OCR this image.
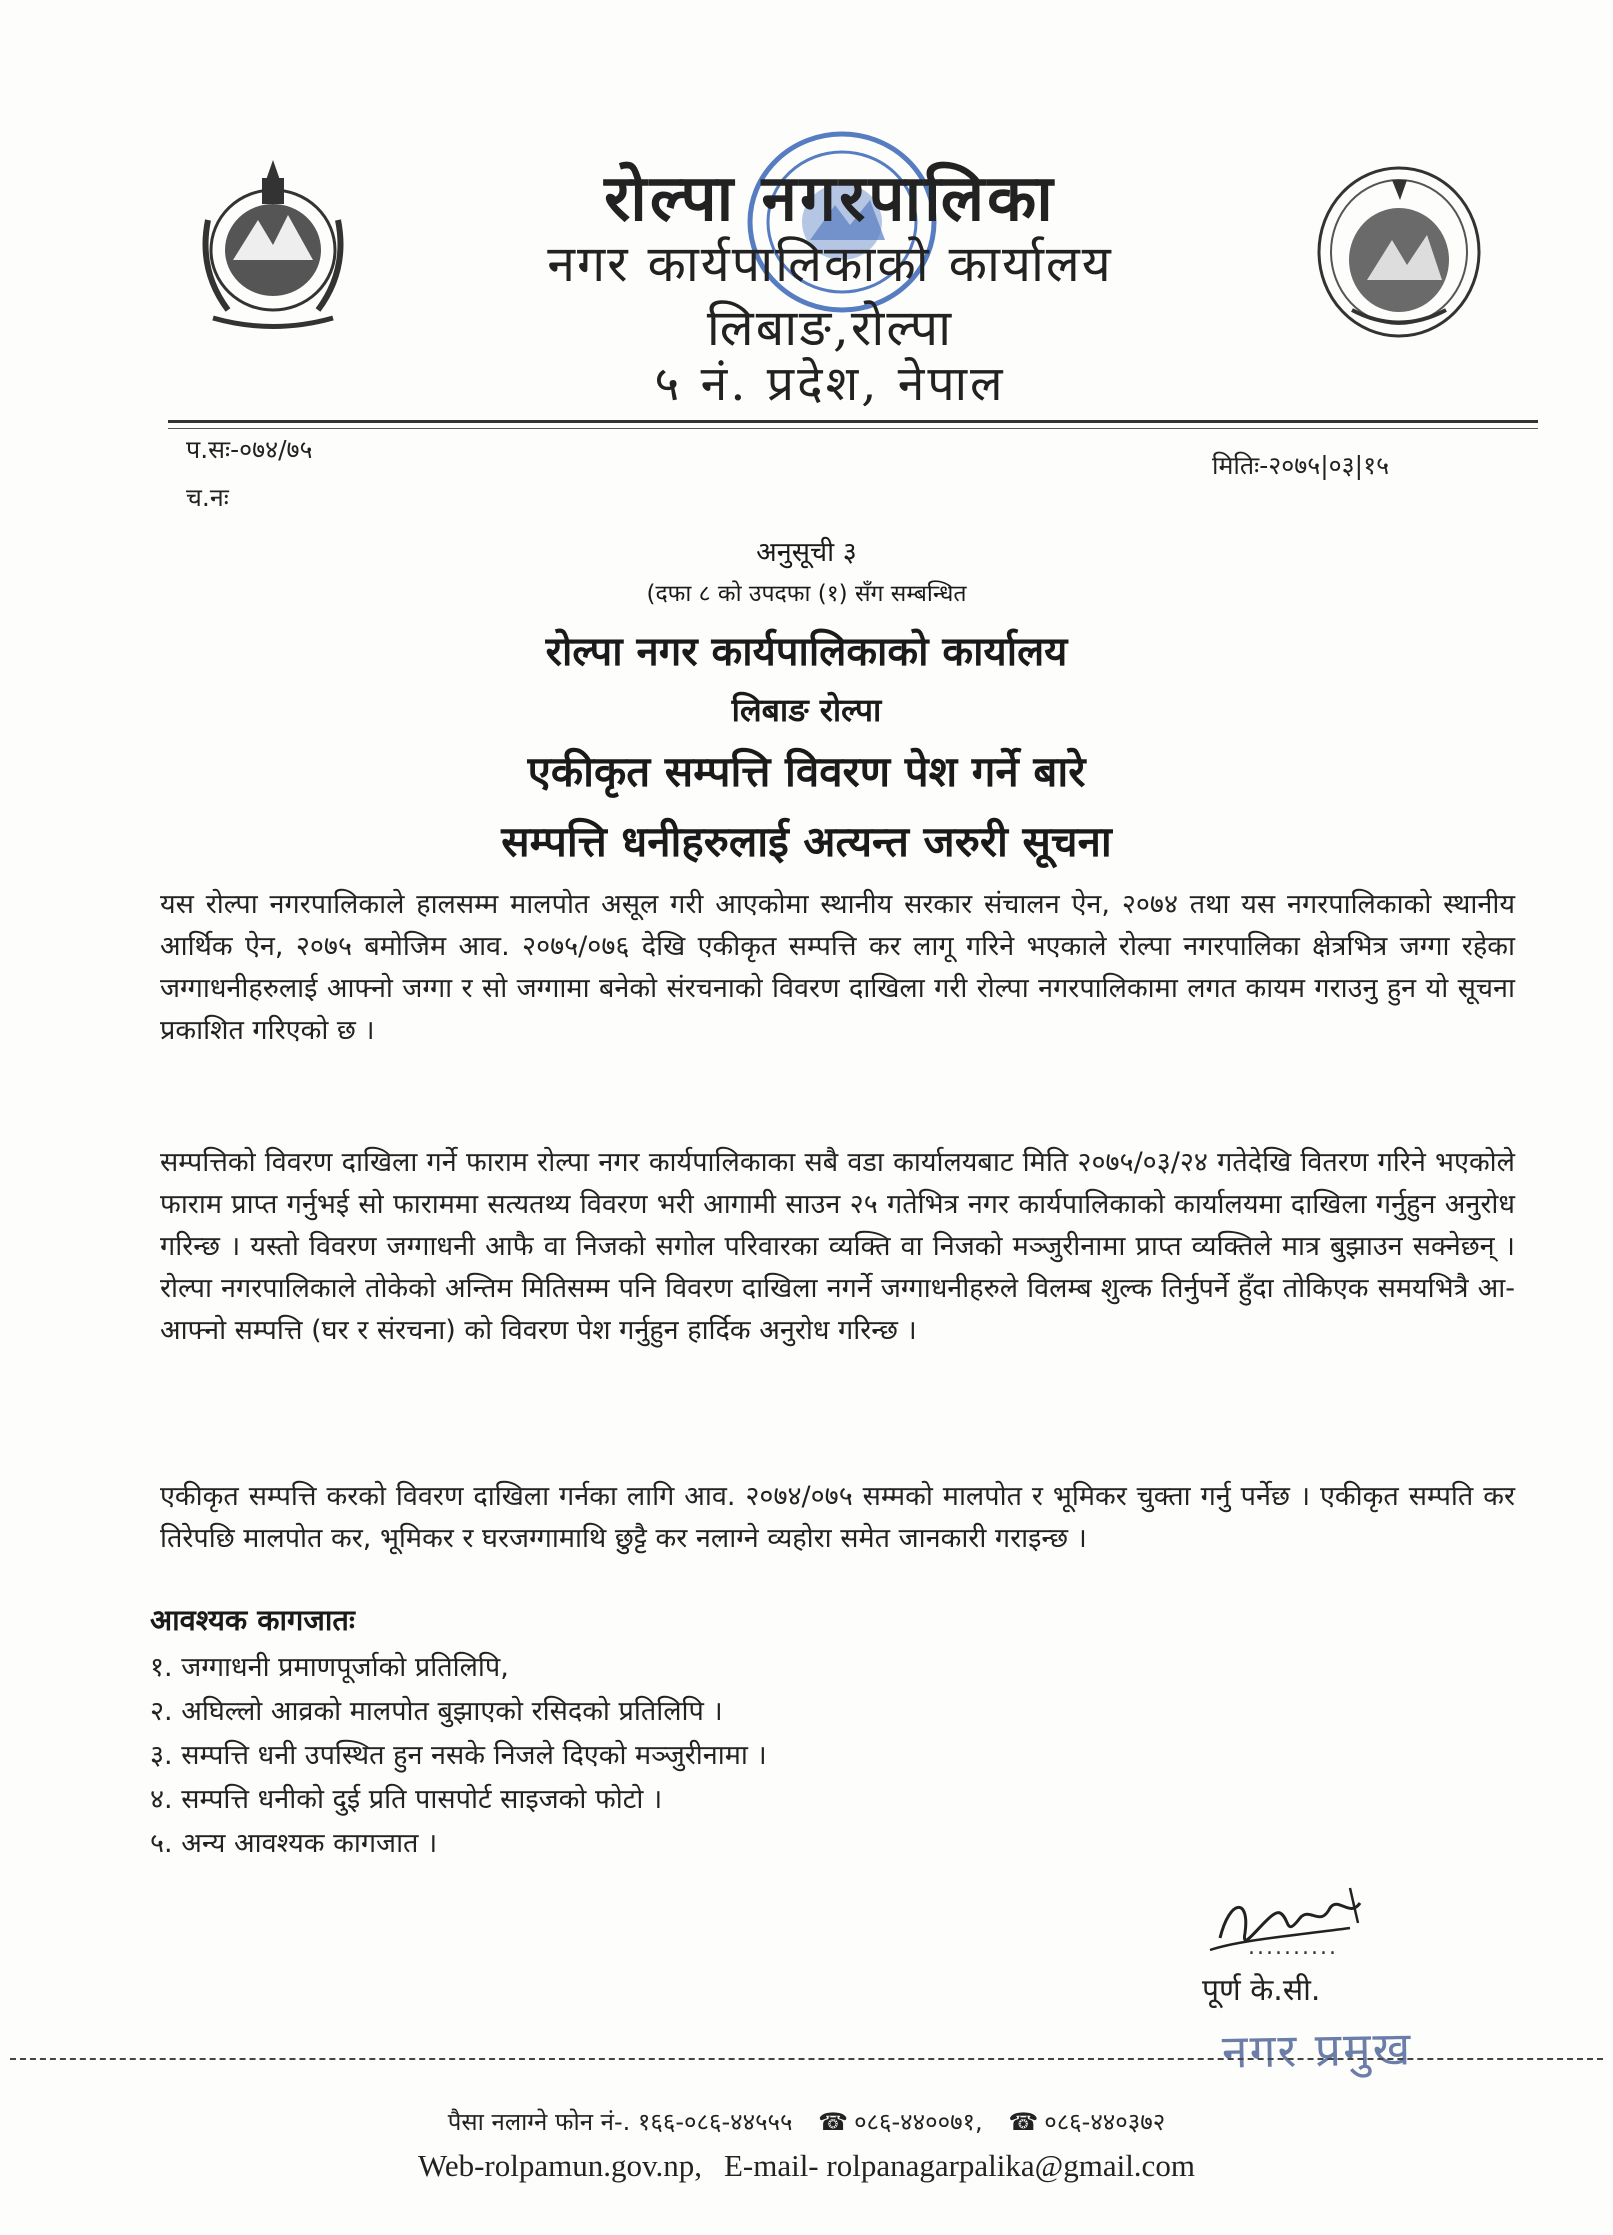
रोल्पा नगरपालिका
नगर कार्यपालिकाको कार्यालय
लिबाङ,रोल्पा
५ नं. प्रदेश, नेपाल
प.सः-०७४/७५
च.नः
मितिः-२०७५|०३|१५
अनुसूची ३
(दफा ८ को उपदफा (१) सँग सम्बन्धित
रोल्पा नगर कार्यपालिकाको कार्यालय
लिबाङ रोल्पा
एकीकृत सम्पत्ति विवरण पेश गर्ने बारे
सम्पत्ति धनीहरुलाई अत्यन्त जरुरी सूचना
यस रोल्पा नगरपालिकाले हालसम्म मालपोत असूल गरी आएकोमा स्थानीय सरकार संचालन ऐन, २०७४ तथा यस नगरपालिकाको स्थानीय आर्थिक ऐन, २०७५ बमोजिम आव. २०७५/०७६ देखि एकीकृत सम्पत्ति कर लागू गरिने भएकाले रोल्पा नगरपालिका क्षेत्रभित्र जग्गा रहेका जग्गाधनीहरुलाई आफ्नो जग्गा र सो जग्गामा बनेको संरचनाको विवरण दाखिला गरी रोल्पा नगरपालिकामा लगत कायम गराउनु हुन यो सूचना प्रकाशित गरिएको छ ।
सम्पत्तिको विवरण दाखिला गर्ने फाराम रोल्पा नगर कार्यपालिकाका सबै वडा कार्यालयबाट मिति २०७५/०३/२४ गतेदेखि वितरण गरिने भएकोले फाराम प्राप्त गर्नुभई सो फाराममा सत्यतथ्य विवरण भरी आगामी साउन २५ गतेभित्र नगर कार्यपालिकाको कार्यालयमा दाखिला गर्नुहुन अनुरोध गरिन्छ । यस्तो विवरण जग्गाधनी आफै वा निजको सगोल परिवारका व्यक्ति वा निजको मञ्जुरीनामा प्राप्त व्यक्तिले मात्र बुझाउन सक्नेछन् । रोल्पा नगरपालिकाले तोकेको अन्तिम मितिसम्म पनि विवरण दाखिला नगर्ने जग्गाधनीहरुले विलम्ब शुल्क तिर्नुपर्ने हुँदा तोकिएक समयभित्रै आ-आफ्नो सम्पत्ति (घर र संरचना) को विवरण पेश गर्नुहुन हार्दिक अनुरोध गरिन्छ ।
एकीकृत सम्पत्ति करको विवरण दाखिला गर्नका लागि आव. २०७४/०७५ सम्मको मालपोत र भूमिकर चुक्ता गर्नु पर्नेछ । एकीकृत सम्पति कर तिरेपछि मालपोत कर, भूमिकर र घरजग्गामाथि छुट्टै कर नलाग्ने व्यहोरा समेत जानकारी गराइन्छ ।
आवश्यक कागजातः
१. जग्गाधनी प्रमाणपूर्जाको प्रतिलिपि,
२. अघिल्लो आव्रको मालपोत बुझाएको रसिदको प्रतिलिपि ।
३. सम्पत्ति धनी उपस्थित हुन नसके निजले दिएको मञ्जुरीनामा ।
४. सम्पत्ति धनीको दुई प्रति पासपोर्ट साइजको फोटो ।
५. अन्य आवश्यक कागजात ।
..........
पूर्ण के.सी.
नगर प्रमुख
पैसा नलाग्ने फोन नं-. १६६-०८६-४४५५५ ☎ ०८६-४४००७१, ☎ ०८६-४४०३७२
Web-rolpamun.gov.np, E-mail- rolpanagarpalika@gmail.com
